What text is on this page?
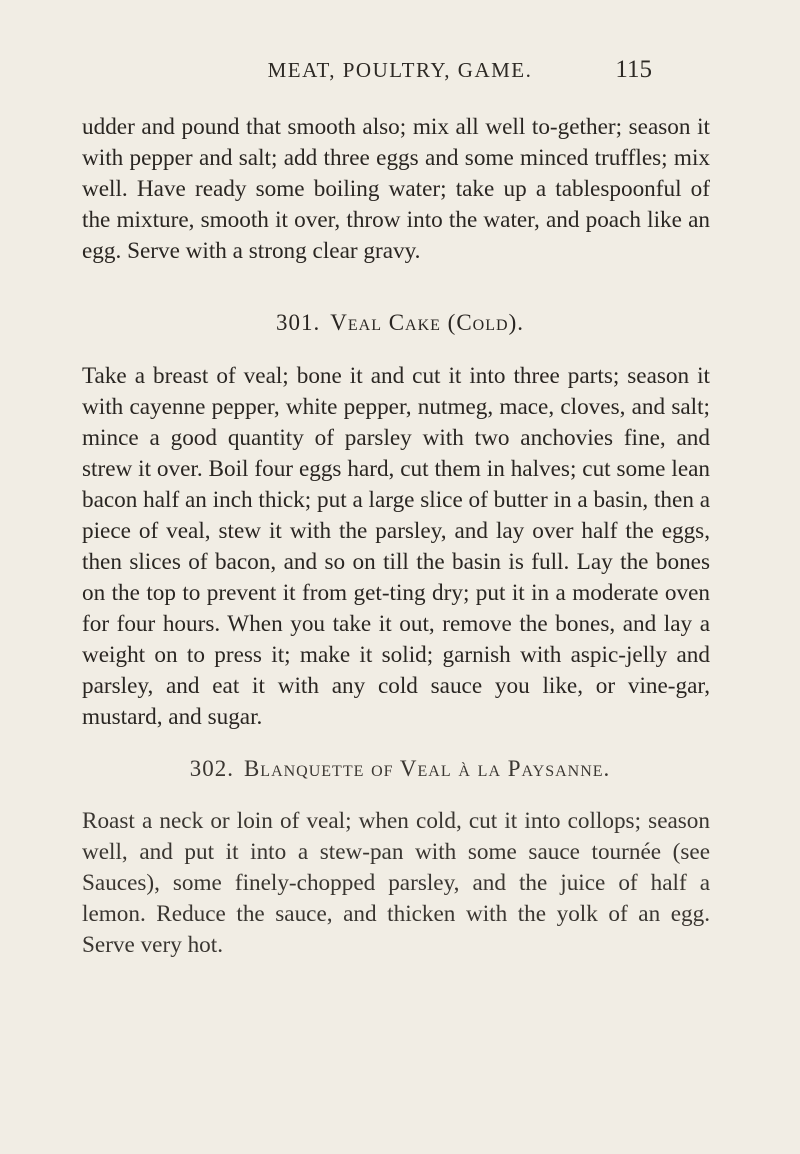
MEAT, POULTRY, GAME.	115
udder and pound that smooth also; mix all well to-gether; season it with pepper and salt; add three eggs and some minced truffles; mix well. Have ready some boiling water; take up a tablespoonful of the mixture, smooth it over, throw into the water, and poach like an egg. Serve with a strong clear gravy.
301. Veal Cake (Cold).
Take a breast of veal; bone it and cut it into three parts; season it with cayenne pepper, white pepper, nutmeg, mace, cloves, and salt; mince a good quantity of parsley with two anchovies fine, and strew it over. Boil four eggs hard, cut them in halves; cut some lean bacon half an inch thick; put a large slice of butter in a basin, then a piece of veal, stew it with the parsley, and lay over half the eggs, then slices of bacon, and so on till the basin is full. Lay the bones on the top to prevent it from get-ting dry; put it in a moderate oven for four hours. When you take it out, remove the bones, and lay a weight on to press it; make it solid; garnish with aspic-jelly and parsley, and eat it with any cold sauce you like, or vine-gar, mustard, and sugar.
302. Blanquette of Veal à la Paysanne.
Roast a neck or loin of veal; when cold, cut it into collops; season well, and put it into a stew-pan with some sauce tournée (see Sauces), some finely-chopped parsley, and the juice of half a lemon. Reduce the sauce, and thicken with the yolk of an egg. Serve very hot.
